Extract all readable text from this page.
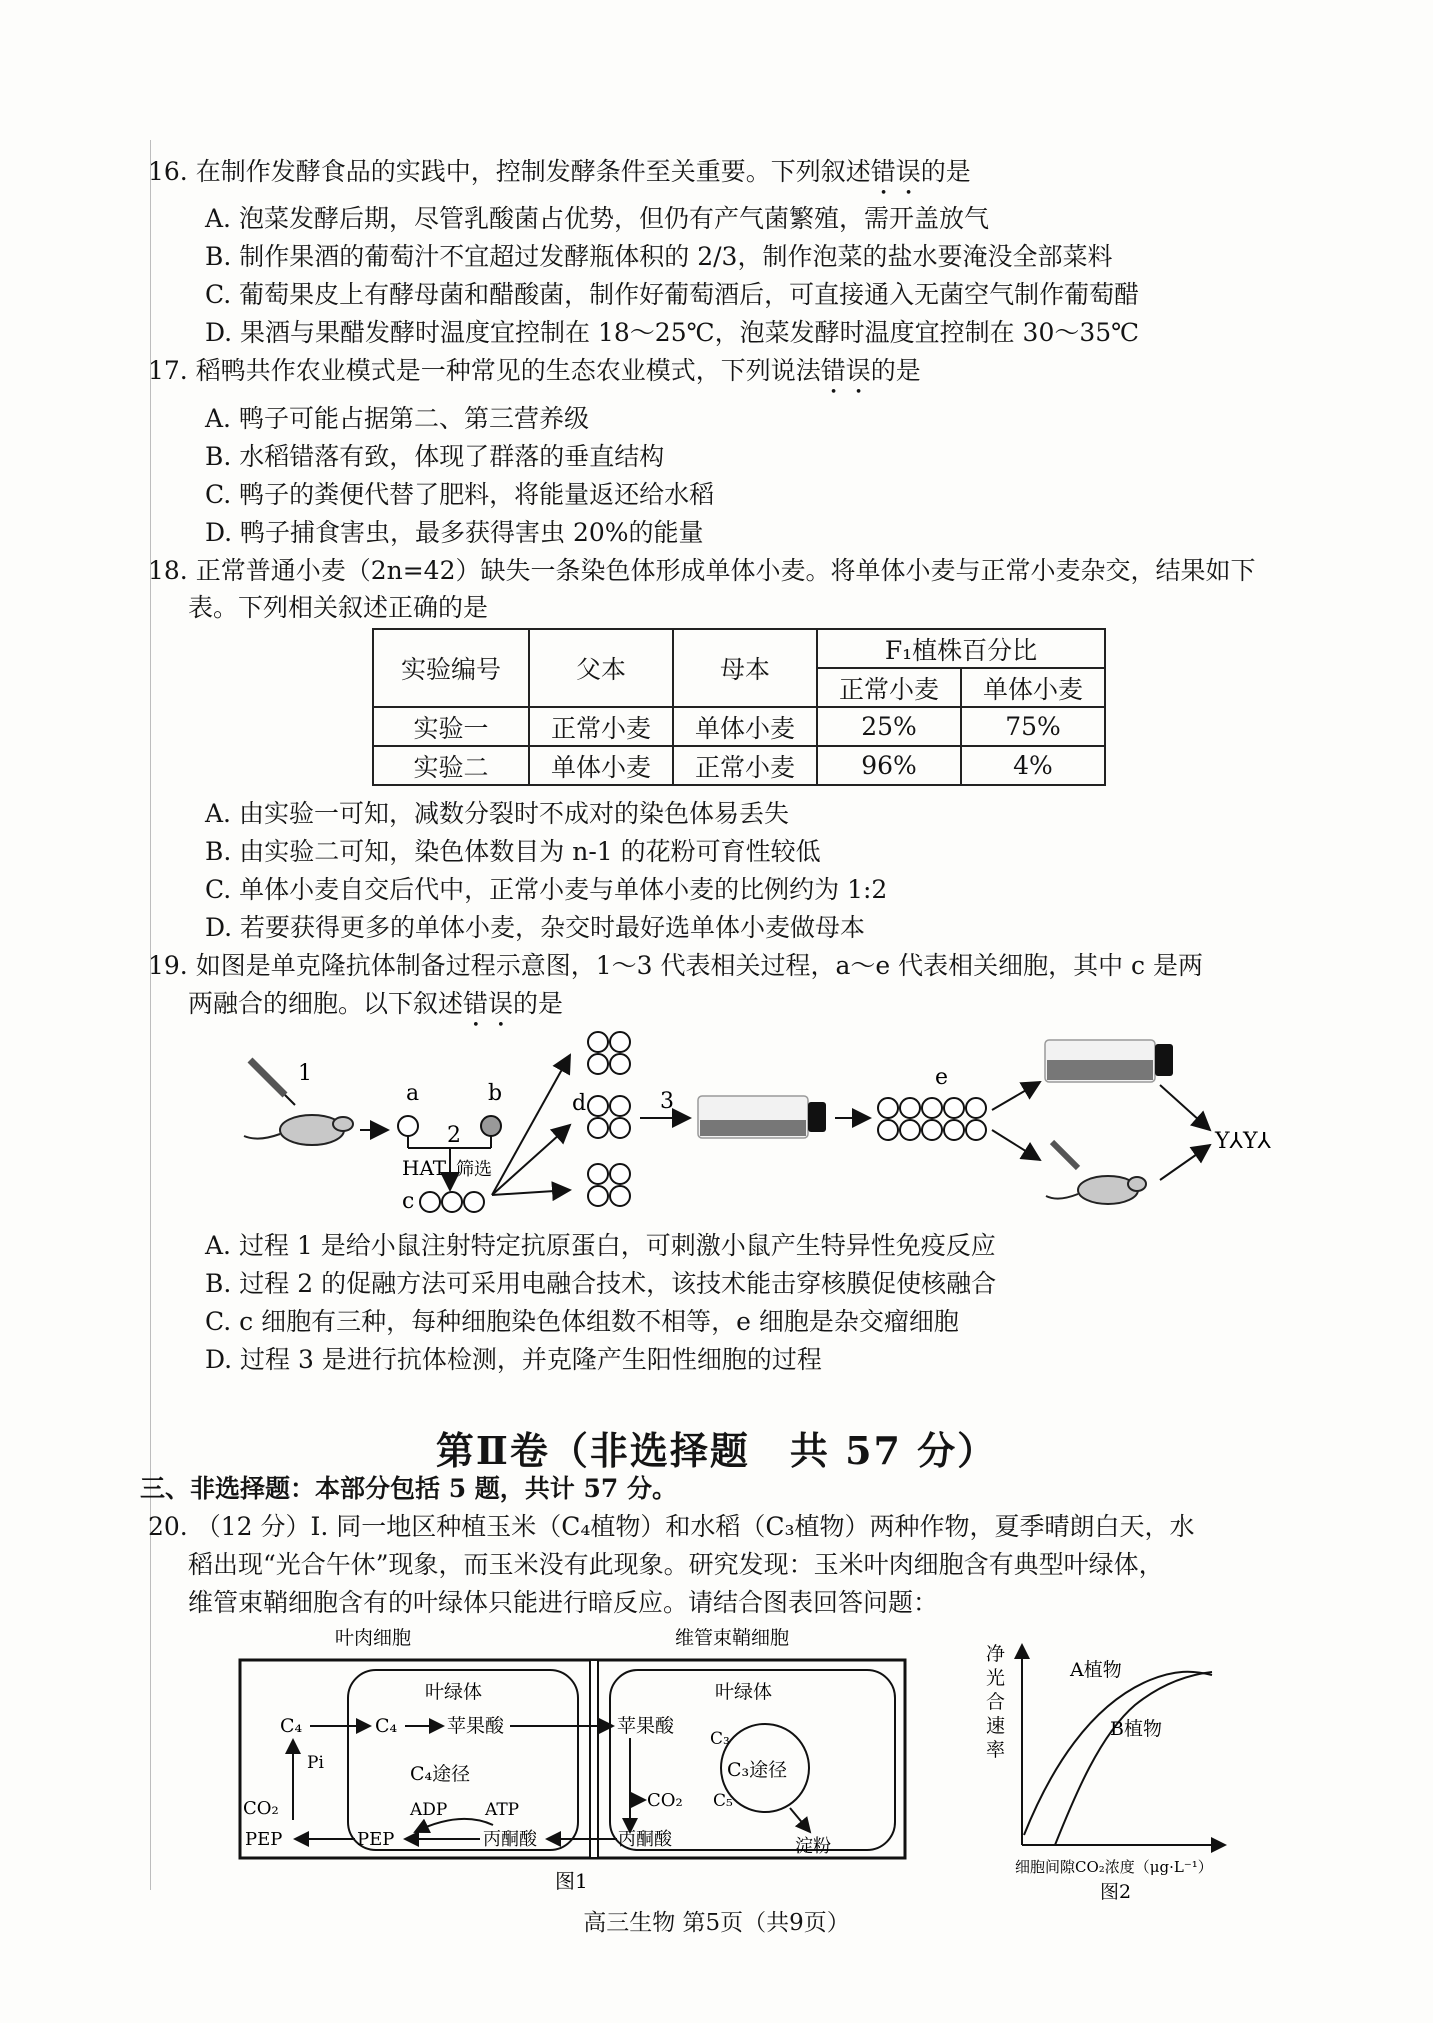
16. 在制作发酵食品的实践中，控制发酵条件至关重要。下列叙述错误的是
A. 泡菜发酵后期，尽管乳酸菌占优势，但仍有产气菌繁殖，需开盖放气
B. 制作果酒的葡萄汁不宜超过发酵瓶体积的 2/3，制作泡菜的盐水要淹没全部菜料
C. 葡萄果皮上有酵母菌和醋酸菌，制作好葡萄酒后，可直接通入无菌空气制作葡萄醋
D. 果酒与果醋发酵时温度宜控制在 18～25℃，泡菜发酵时温度宜控制在 30～35℃
17. 稻鸭共作农业模式是一种常见的生态农业模式，下列说法错误的是
A. 鸭子可能占据第二、第三营养级
B. 水稻错落有致，体现了群落的垂直结构
C. 鸭子的粪便代替了肥料，将能量返还给水稻
D. 鸭子捕食害虫，最多获得害虫 20%的能量
18. 正常普通小麦（2n=42）缺失一条染色体形成单体小麦。将单体小麦与正常小麦杂交，结果如下
表。下列相关叙述正确的是
实验编号	父本	母本	F₁植株百分比	
			正常小麦	单体小麦
实验一	正常小麦	单体小麦	25%	75%
实验二	单体小麦	正常小麦	96%	4%
A. 由实验一可知，减数分裂时不成对的染色体易丢失
B. 由实验二可知，染色体数目为 n-1 的花粉可育性较低
C. 单体小麦自交后代中，正常小麦与单体小麦的比例约为 1:2
D. 若要获得更多的单体小麦，杂交时最好选单体小麦做母本
19. 如图是单克隆抗体制备过程示意图，1～3 代表相关过程，a～e 代表相关细胞，其中 c 是两
两融合的细胞。以下叙述错误的是
1
a	b
2
HAT 筛选
c
d	3
e
Y⅄Y⅄
A. 过程 1 是给小鼠注射特定抗原蛋白，可刺激小鼠产生特异性免疫反应
B. 过程 2 的促融方法可采用电融合技术，该技术能击穿核膜促使核融合
C. c 细胞有三种，每种细胞染色体组数不相等，e 细胞是杂交瘤细胞
D. 过程 3 是进行抗体检测，并克隆产生阳性细胞的过程
第Ⅱ卷（非选择题　共 57 分）
三、非选择题：本部分包括 5 题，共计 57 分。
20. （12 分）Ⅰ. 同一地区种植玉米（C₄植物）和水稻（C₃植物）两种作物，夏季晴朗白天，水
稻出现“光合午休”现象，而玉米没有此现象。研究发现：玉米叶肉细胞含有典型叶绿体，
维管束鞘细胞含有的叶绿体只能进行暗反应。请结合图表回答问题：
叶肉细胞	维管束鞘细胞
叶绿体	叶绿体
C₄	C₄	苹果酸	苹果酸
Pi
CO₂
C₄途径
PEP	PEP
ADP ATP
丙酮酸
CO₂
丙酮酸
C₃
C₃途径
C₅
淀粉
图1
净光合速率
A植物
B植物
细胞间隙CO₂浓度（μg·L⁻¹）
图2
高三生物 第5页（共9页）
